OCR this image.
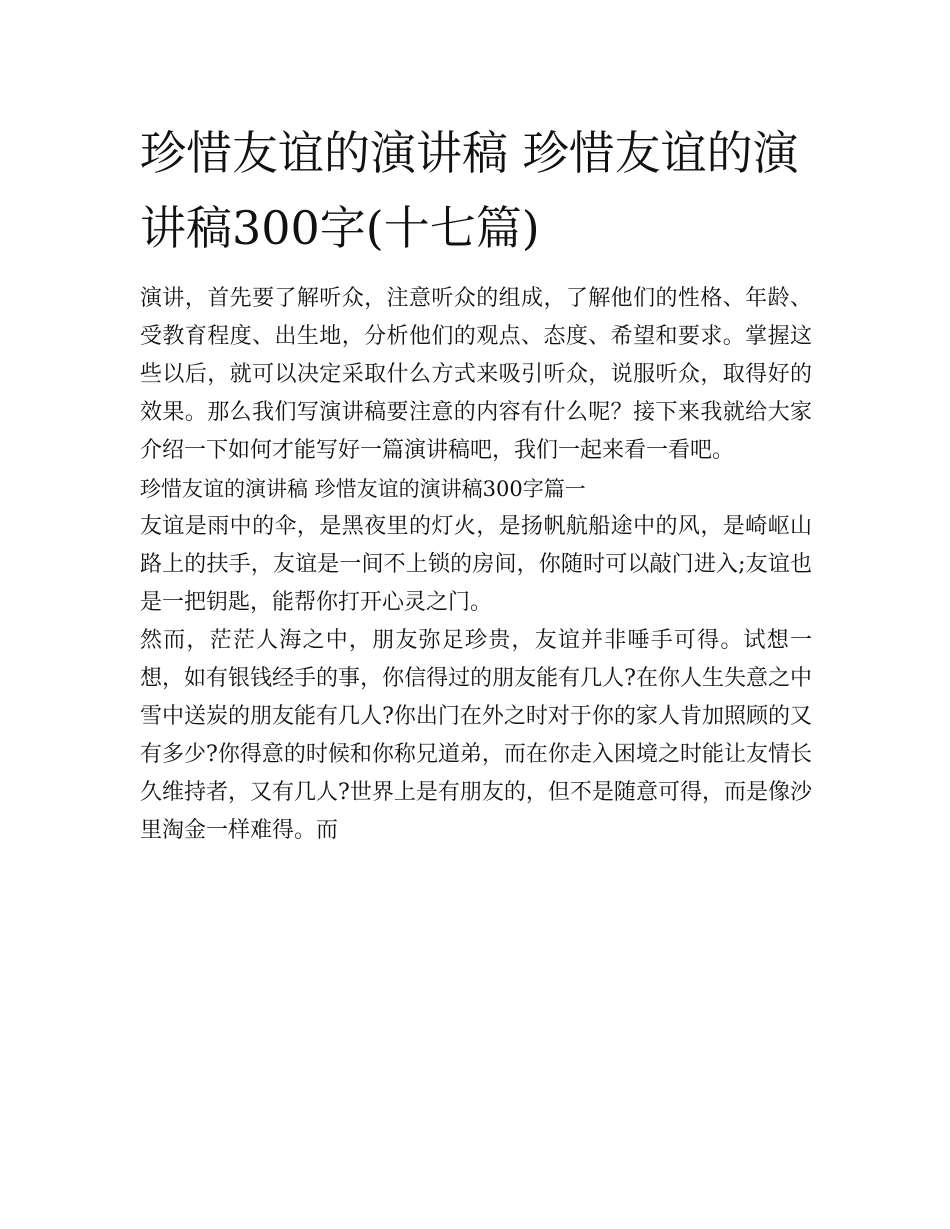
珍惜友谊的演讲稿 珍惜友谊的演讲稿300字(十七篇)

演讲，首先要了解听众，注意听众的组成，了解他们的性格、年龄、受教育程度、出生地，分析他们的观点、态度、希望和要求。掌握这些以后，就可以决定采取什么方式来吸引听众，说服听众，取得好的效果。那么我们写演讲稿要注意的内容有什么呢？接下来我就给大家介绍一下如何才能写好一篇演讲稿吧，我们一起来看一看吧。

珍惜友谊的演讲稿 珍惜友谊的演讲稿300字篇一

友谊是雨中的伞，是黑夜里的灯火，是扬帆航船途中的风，是崎岖山路上的扶手，友谊是一间不上锁的房间，你随时可以敲门进入;友谊也是一把钥匙，能帮你打开心灵之门。

然而，茫茫人海之中，朋友弥足珍贵，友谊并非唾手可得。试想一想，如有银钱经手的事，你信得过的朋友能有几人?在你人生失意之中雪中送炭的朋友能有几人?你出门在外之时对于你的家人肯加照顾的又有多少?你得意的时候和你称兄道弟，而在你走入困境之时能让友情长久维持者，又有几人?世界上是有朋友的，但不是随意可得，而是像沙里淘金一样难得。而
